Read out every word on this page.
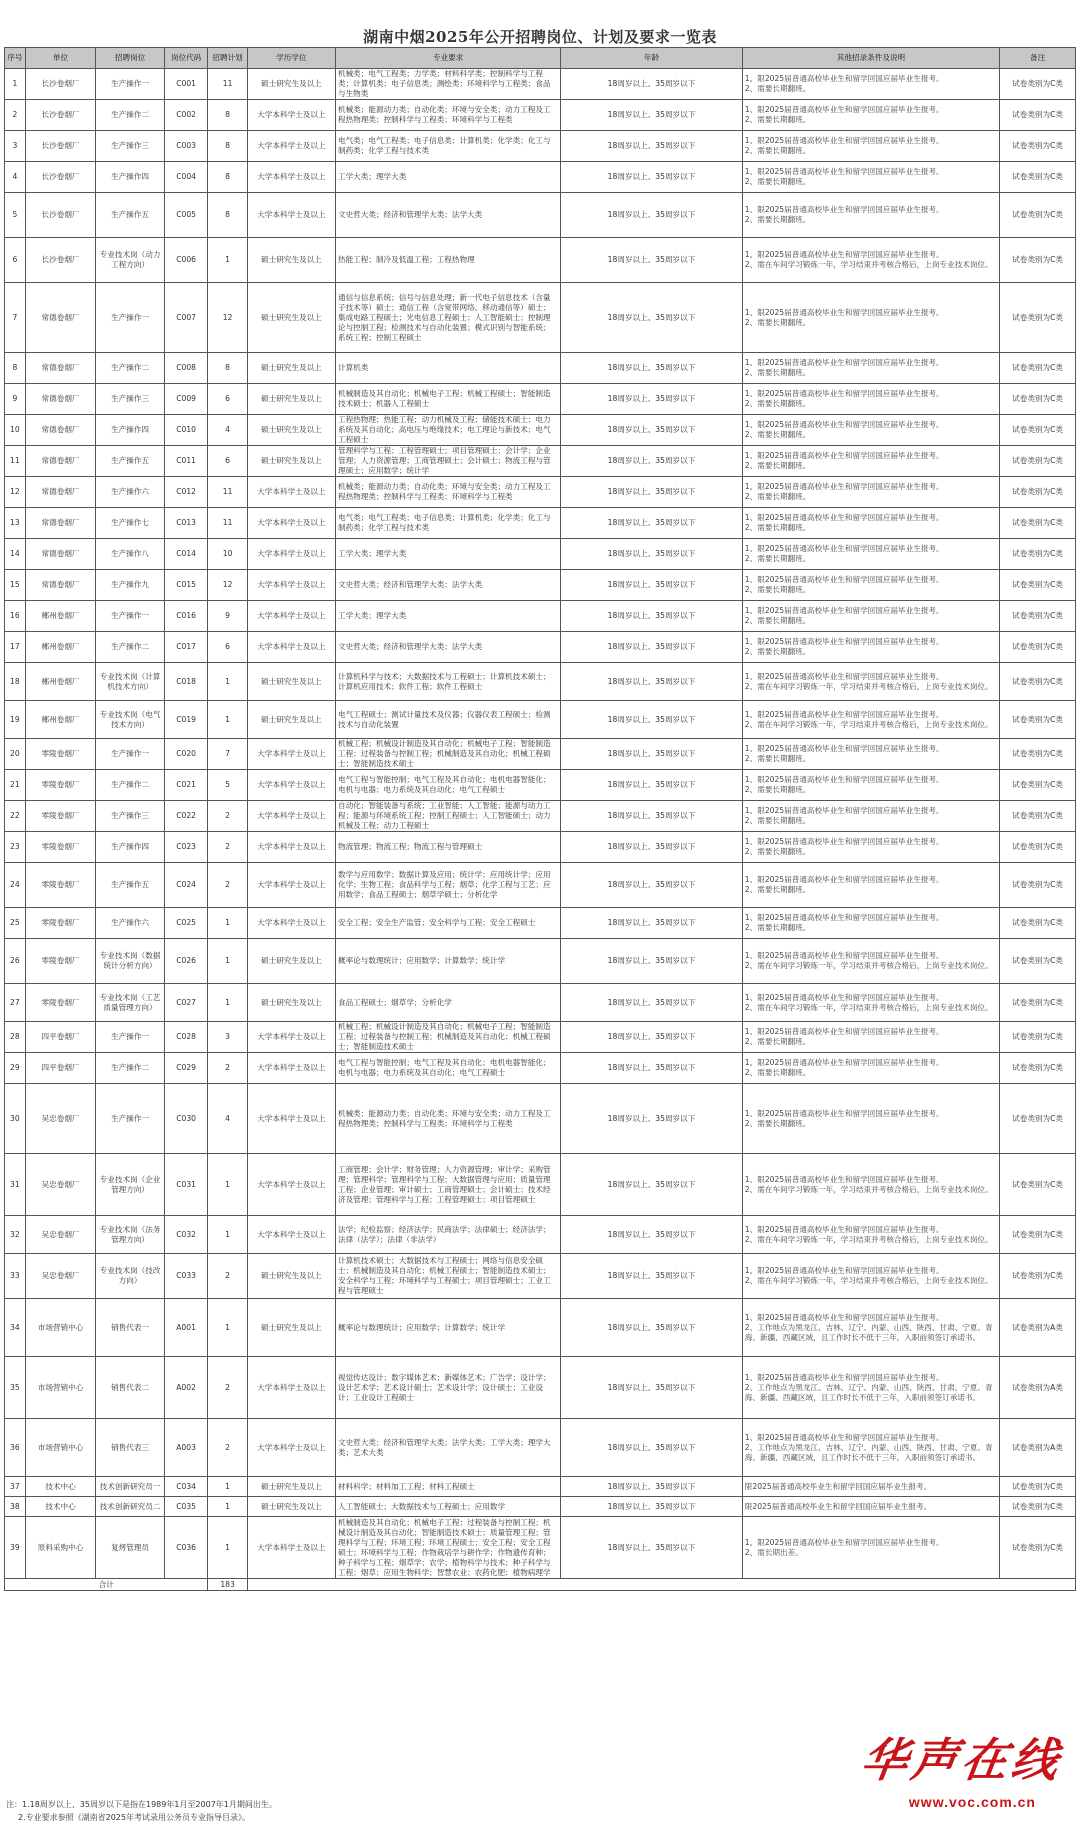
湖南中烟2025年公开招聘岗位、计划及要求一览表
序号	单位	招聘岗位	岗位代码	招聘计划	学历学位	专业要求	年龄	其他招录条件及说明	备注
1	长沙卷烟厂	生产操作一	C001	11	硕士研究生及以上	机械类；电气工程类；力学类；材料科学类；控制科学与工程类；计算机类；电子信息类；测绘类；环境科学与工程类；食品与生物类	18周岁以上、35周岁以下	1、限2025届普通高校毕业生和留学回国应届毕业生报考。
2、需要长期翻班。	试卷类别为C类
2	长沙卷烟厂	生产操作二	C002	8	大学本科学士及以上	机械类；能源动力类；自动化类；环境与安全类；动力工程及工程热物理类；控制科学与工程类；环境科学与工程类	18周岁以上、35周岁以下	1、限2025届普通高校毕业生和留学回国应届毕业生报考。
2、需要长期翻班。	试卷类别为C类
3	长沙卷烟厂	生产操作三	C003	8	大学本科学士及以上	电气类；电气工程类；电子信息类；计算机类；化学类；化工与制药类；化学工程与技术类	18周岁以上、35周岁以下	1、限2025届普通高校毕业生和留学回国应届毕业生报考。
2、需要长期翻班。	试卷类别为C类
4	长沙卷烟厂	生产操作四	C004	8	大学本科学士及以上	工学大类；理学大类	18周岁以上、35周岁以下	1、限2025届普通高校毕业生和留学回国应届毕业生报考。
2、需要长期翻班。	试卷类别为C类
5	长沙卷烟厂	生产操作五	C005	8	大学本科学士及以上	文史哲大类；经济和管理学大类；法学大类	18周岁以上、35周岁以下	1、限2025届普通高校毕业生和留学回国应届毕业生报考。
2、需要长期翻班。	试卷类别为C类
6	长沙卷烟厂	专业技术岗（动力工程方向）	C006	1	硕士研究生及以上	热能工程；制冷及低温工程；工程热物理	18周岁以上、35周岁以下	1、限2025届普通高校毕业生和留学回国应届毕业生报考。
2、需在车间学习锻炼一年，学习结束并考核合格后，上岗专业技术岗位。	试卷类别为C类
7	常德卷烟厂	生产操作一	C007	12	硕士研究生及以上	通信与信息系统；信号与信息处理；新一代电子信息技术（含量子技术等）硕士；通信工程（含宽带网络、移动通信等）硕士；集成电路工程硕士；光电信息工程硕士；人工智能硕士；控制理论与控制工程；检测技术与自动化装置；模式识别与智能系统；系统工程；控制工程硕士	18周岁以上、35周岁以下	1、限2025届普通高校毕业生和留学回国应届毕业生报考。
2、需要长期翻班。	试卷类别为C类
8	常德卷烟厂	生产操作二	C008	8	硕士研究生及以上	计算机类	18周岁以上、35周岁以下	1、限2025届普通高校毕业生和留学回国应届毕业生报考。
2、需要长期翻班。	试卷类别为C类
9	常德卷烟厂	生产操作三	C009	6	硕士研究生及以上	机械制造及其自动化；机械电子工程；机械工程硕士；智能制造技术硕士；机器人工程硕士	18周岁以上、35周岁以下	1、限2025届普通高校毕业生和留学回国应届毕业生报考。
2、需要长期翻班。	试卷类别为C类
10	常德卷烟厂	生产操作四	C010	4	硕士研究生及以上	工程热物理；热能工程；动力机械及工程；储能技术硕士；电力系统及其自动化；高电压与绝缘技术；电工理论与新技术；电气工程硕士	18周岁以上、35周岁以下	1、限2025届普通高校毕业生和留学回国应届毕业生报考。
2、需要长期翻班。	试卷类别为C类
11	常德卷烟厂	生产操作五	C011	6	硕士研究生及以上	管理科学与工程；工程管理硕士；项目管理硕士；会计学；企业管理；人力资源管理；工商管理硕士；会计硕士；物流工程与管理硕士；应用数学；统计学	18周岁以上、35周岁以下	1、限2025届普通高校毕业生和留学回国应届毕业生报考。
2、需要长期翻班。	试卷类别为C类
12	常德卷烟厂	生产操作六	C012	11	大学本科学士及以上	机械类；能源动力类；自动化类；环境与安全类；动力工程及工程热物理类；控制科学与工程类；环境科学与工程类	18周岁以上、35周岁以下	1、限2025届普通高校毕业生和留学回国应届毕业生报考。
2、需要长期翻班。	试卷类别为C类
13	常德卷烟厂	生产操作七	C013	11	大学本科学士及以上	电气类；电气工程类；电子信息类；计算机类；化学类；化工与制药类；化学工程与技术类	18周岁以上、35周岁以下	1、限2025届普通高校毕业生和留学回国应届毕业生报考。
2、需要长期翻班。	试卷类别为C类
14	常德卷烟厂	生产操作八	C014	10	大学本科学士及以上	工学大类；理学大类	18周岁以上、35周岁以下	1、限2025届普通高校毕业生和留学回国应届毕业生报考。
2、需要长期翻班。	试卷类别为C类
15	常德卷烟厂	生产操作九	C015	12	大学本科学士及以上	文史哲大类；经济和管理学大类；法学大类	18周岁以上、35周岁以下	1、限2025届普通高校毕业生和留学回国应届毕业生报考。
2、需要长期翻班。	试卷类别为C类
16	郴州卷烟厂	生产操作一	C016	9	大学本科学士及以上	工学大类；理学大类	18周岁以上、35周岁以下	1、限2025届普通高校毕业生和留学回国应届毕业生报考。
2、需要长期翻班。	试卷类别为C类
17	郴州卷烟厂	生产操作二	C017	6	大学本科学士及以上	文史哲大类；经济和管理学大类；法学大类	18周岁以上、35周岁以下	1、限2025届普通高校毕业生和留学回国应届毕业生报考。
2、需要长期翻班。	试卷类别为C类
18	郴州卷烟厂	专业技术岗（计算机技术方向）	C018	1	硕士研究生及以上	计算机科学与技术；大数据技术与工程硕士；计算机技术硕士；计算机应用技术；软件工程；软件工程硕士	18周岁以上、35周岁以下	1、限2025届普通高校毕业生和留学回国应届毕业生报考。
2、需在车间学习锻炼一年，学习结束并考核合格后，上岗专业技术岗位。	试卷类别为C类
19	郴州卷烟厂	专业技术岗（电气技术方向）	C019	1	硕士研究生及以上	电气工程硕士；测试计量技术及仪器；仪器仪表工程硕士；检测技术与自动化装置	18周岁以上、35周岁以下	1、限2025届普通高校毕业生和留学回国应届毕业生报考。
2、需在车间学习锻炼一年，学习结束并考核合格后，上岗专业技术岗位。	试卷类别为C类
20	零陵卷烟厂	生产操作一	C020	7	大学本科学士及以上	机械工程；机械设计制造及其自动化；机械电子工程；智能制造工程；过程装备与控制工程；机械制造及其自动化；机械工程硕士；智能制造技术硕士	18周岁以上、35周岁以下	1、限2025届普通高校毕业生和留学回国应届毕业生报考。
2、需要长期翻班。	试卷类别为C类
21	零陵卷烟厂	生产操作二	C021	5	大学本科学士及以上	电气工程与智能控制；电气工程及其自动化；电机电器智能化；电机与电器；电力系统及其自动化；电气工程硕士	18周岁以上、35周岁以下	1、限2025届普通高校毕业生和留学回国应届毕业生报考。
2、需要长期翻班。	试卷类别为C类
22	零陵卷烟厂	生产操作三	C022	2	大学本科学士及以上	自动化；智能装备与系统；工业智能；人工智能；能源与动力工程；能源与环境系统工程；控制工程硕士；人工智能硕士；动力机械及工程；动力工程硕士	18周岁以上、35周岁以下	1、限2025届普通高校毕业生和留学回国应届毕业生报考。
2、需要长期翻班。	试卷类别为C类
23	零陵卷烟厂	生产操作四	C023	2	大学本科学士及以上	物流管理；物流工程；物流工程与管理硕士	18周岁以上、35周岁以下	1、限2025届普通高校毕业生和留学回国应届毕业生报考。
2、需要长期翻班。	试卷类别为C类
24	零陵卷烟厂	生产操作五	C024	2	大学本科学士及以上	数学与应用数学；数据计算及应用；统计学；应用统计学；应用化学；生物工程；食品科学与工程；烟草；化学工程与工艺；应用数学；食品工程硕士；烟草学硕士；分析化学	18周岁以上、35周岁以下	1、限2025届普通高校毕业生和留学回国应届毕业生报考。
2、需要长期翻班。	试卷类别为C类
25	零陵卷烟厂	生产操作六	C025	1	大学本科学士及以上	安全工程；安全生产监管；安全科学与工程；安全工程硕士	18周岁以上、35周岁以下	1、限2025届普通高校毕业生和留学回国应届毕业生报考。
2、需要长期翻班。	试卷类别为C类
26	零陵卷烟厂	专业技术岗（数据统计分析方向）	C026	1	硕士研究生及以上	概率论与数理统计；应用数学；计算数学；统计学	18周岁以上、35周岁以下	1、限2025届普通高校毕业生和留学回国应届毕业生报考。
2、需在车间学习锻炼一年，学习结束并考核合格后，上岗专业技术岗位。	试卷类别为C类
27	零陵卷烟厂	专业技术岗（工艺质量管理方向）	C027	1	硕士研究生及以上	食品工程硕士；烟草学；分析化学	18周岁以上、35周岁以下	1、限2025届普通高校毕业生和留学回国应届毕业生报考。
2、需在车间学习锻炼一年，学习结束并考核合格后，上岗专业技术岗位。	试卷类别为C类
28	四平卷烟厂	生产操作一	C028	3	大学本科学士及以上	机械工程；机械设计制造及其自动化；机械电子工程；智能制造工程；过程装备与控制工程；机械制造及其自动化；机械工程硕士；智能制造技术硕士	18周岁以上、35周岁以下	1、限2025届普通高校毕业生和留学回国应届毕业生报考。
2、需要长期翻班。	试卷类别为C类
29	四平卷烟厂	生产操作二	C029	2	大学本科学士及以上	电气工程与智能控制；电气工程及其自动化；电机电器智能化；电机与电器；电力系统及其自动化；电气工程硕士	18周岁以上、35周岁以下	1、限2025届普通高校毕业生和留学回国应届毕业生报考。
2、需要长期翻班。	试卷类别为C类
30	吴忠卷烟厂	生产操作一	C030	4	大学本科学士及以上	机械类；能源动力类；自动化类；环境与安全类；动力工程及工程热物理类；控制科学与工程类；环境科学与工程类	18周岁以上、35周岁以下	1、限2025届普通高校毕业生和留学回国应届毕业生报考。
2、需要长期翻班。	试卷类别为C类
31	吴忠卷烟厂	专业技术岗（企业管理方向）	C031	1	大学本科学士及以上	工商管理；会计学；财务管理；人力资源管理；审计学；采购管理；管理科学；管理科学与工程；大数据管理与应用；质量管理工程；企业管理；审计硕士；工商管理硕士；会计硕士；技术经济及管理；管理科学与工程；工程管理硕士；项目管理硕士	18周岁以上、35周岁以下	1、限2025届普通高校毕业生和留学回国应届毕业生报考。
2、需在车间学习锻炼一年，学习结束并考核合格后，上岗专业技术岗位。	试卷类别为C类
32	吴忠卷烟厂	专业技术岗（法务管理方向）	C032	1	大学本科学士及以上	法学；纪检监察；经济法学；民商法学；法律硕士；经济法学；法律（法学）；法律（非法学）	18周岁以上、35周岁以下	1、限2025届普通高校毕业生和留学回国应届毕业生报考。
2、需在车间学习锻炼一年，学习结束并考核合格后，上岗专业技术岗位。	试卷类别为C类
33	吴忠卷烟厂	专业技术岗（技改方向）	C033	2	硕士研究生及以上	计算机技术硕士；大数据技术与工程硕士；网络与信息安全硕士；机械制造及其自动化；机械工程硕士；智能制造技术硕士；安全科学与工程；环境科学与工程硕士；项目管理硕士；工业工程与管理硕士	18周岁以上、35周岁以下	1、限2025届普通高校毕业生和留学回国应届毕业生报考。
2、需在车间学习锻炼一年，学习结束并考核合格后，上岗专业技术岗位。	试卷类别为C类
34	市场营销中心	销售代表一	A001	1	硕士研究生及以上	概率论与数理统计；应用数学；计算数学；统计学	18周岁以上、35周岁以下	1、限2025届普通高校毕业生和留学回国应届毕业生报考。
2、工作地点为黑龙江、吉林、辽宁、内蒙、山西、陕西、甘肃、宁夏、青海、新疆、西藏区域，且工作时长不低于三年，入职前须签订承诺书。	试卷类别为A类
35	市场营销中心	销售代表二	A002	2	大学本科学士及以上	视觉传达设计；数字媒体艺术；新媒体艺术；广告学；设计学；设计艺术学；艺术设计硕士；艺术设计学；设计硕士；工业设计；工业设计工程硕士	18周岁以上、35周岁以下	1、限2025届普通高校毕业生和留学回国应届毕业生报考。
2、工作地点为黑龙江、吉林、辽宁、内蒙、山西、陕西、甘肃、宁夏、青海、新疆、西藏区域，且工作时长不低于三年，入职前须签订承诺书。	试卷类别为A类
36	市场营销中心	销售代表三	A003	2	大学本科学士及以上	文史哲大类；经济和管理学大类；法学大类；工学大类；理学大类；艺术大类	18周岁以上、35周岁以下	1、限2025届普通高校毕业生和留学回国应届毕业生报考。
2、工作地点为黑龙江、吉林、辽宁、内蒙、山西、陕西、甘肃、宁夏、青海、新疆、西藏区域，且工作时长不低于三年，入职前须签订承诺书。	试卷类别为A类
37	技术中心	技术创新研究员一	C034	1	硕士研究生及以上	材料科学；材料加工工程；材料工程硕士	18周岁以上、35周岁以下	限2025届普通高校毕业生和留学回国应届毕业生报考。	试卷类别为C类
38	技术中心	技术创新研究员二	C035	1	硕士研究生及以上	人工智能硕士；大数据技术与工程硕士；应用数学	18周岁以上、35周岁以下	限2025届普通高校毕业生和留学回国应届毕业生报考。	试卷类别为C类
39	原料采购中心	复烤管理员	C036	1	大学本科学士及以上	机械制造及其自动化；机械电子工程；过程装备与控制工程；机械设计制造及其自动化；智能制造技术硕士；质量管理工程；管理科学与工程；环境工程；环境工程硕士；安全工程；安全工程硕士；环境科学与工程；作物栽培学与耕作学；作物遗传育种；种子科学与工程；烟草学；农学；植物科学与技术；种子科学与工程；烟草；应用生物科学；智慧农业；农药化肥；植物病理学	18周岁以上、35周岁以下	1、限2025届普通高校毕业生和留学回国应届毕业生报考。
2、需长期出差。	试卷类别为C类
合计				183					
注：1.18周岁以上、35周岁以下是指在1989年1月至2007年1月期间出生。
2.专业要求参照《湖南省2025年考试录用公务员专业指导目录》。
华声在线
www.voc.com.cn
